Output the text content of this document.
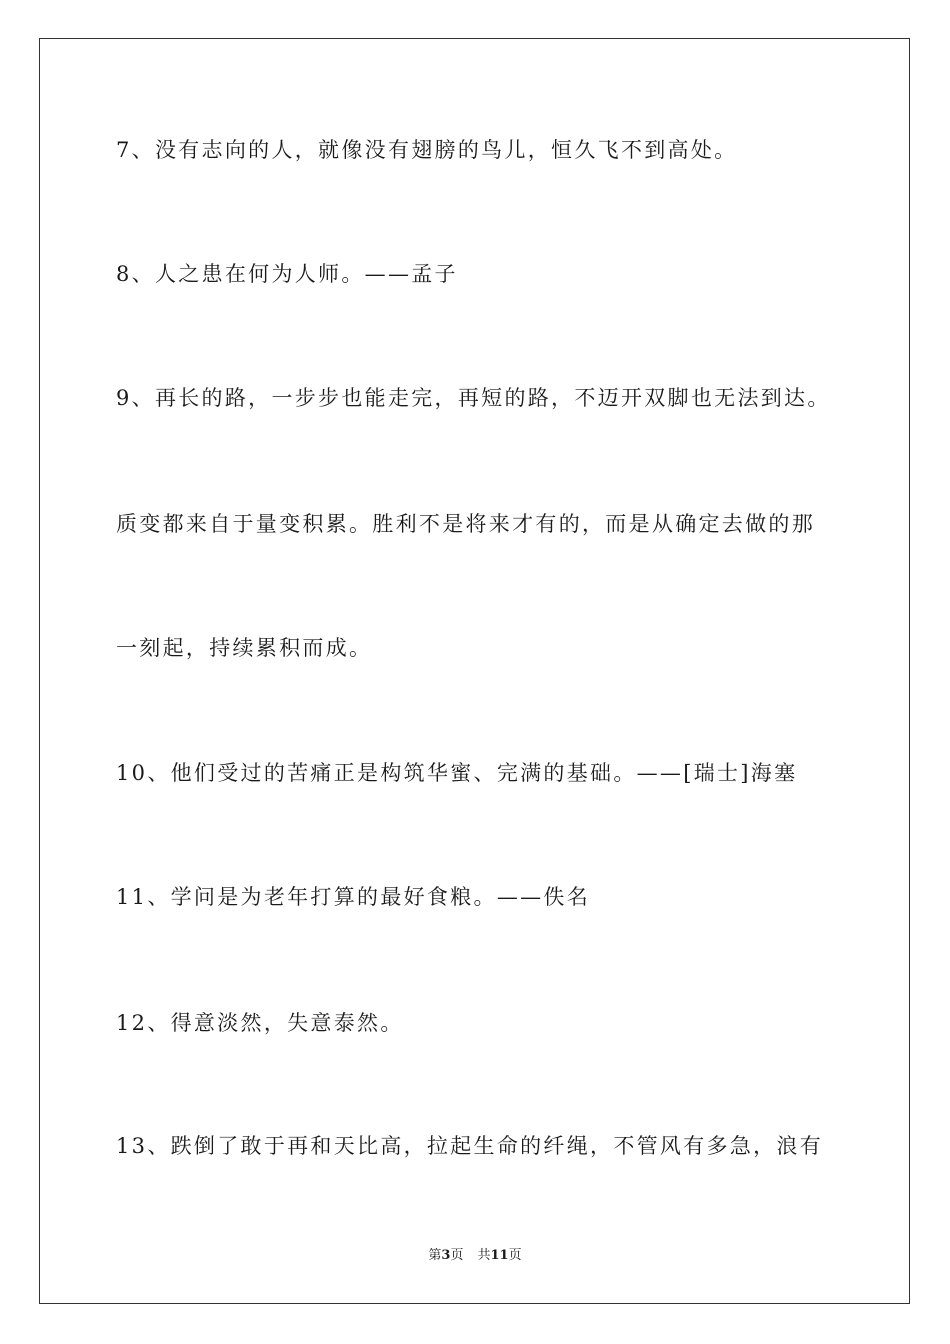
7、没有志向的人，就像没有翅膀的鸟儿，恒久飞不到高处。
8、人之患在何为人师。——孟子
9、再长的路，一步步也能走完，再短的路，不迈开双脚也无法到达。
质变都来自于量变积累。胜利不是将来才有的，而是从确定去做的那
一刻起，持续累积而成。
10、他们受过的苦痛正是构筑华蜜、完满的基础。——[瑞士]海塞
11、学问是为老年打算的最好食粮。——佚名
12、得意淡然，失意泰然。
13、跌倒了敢于再和天比高，拉起生命的纤绳，不管风有多急，浪有
第3页 共11页
